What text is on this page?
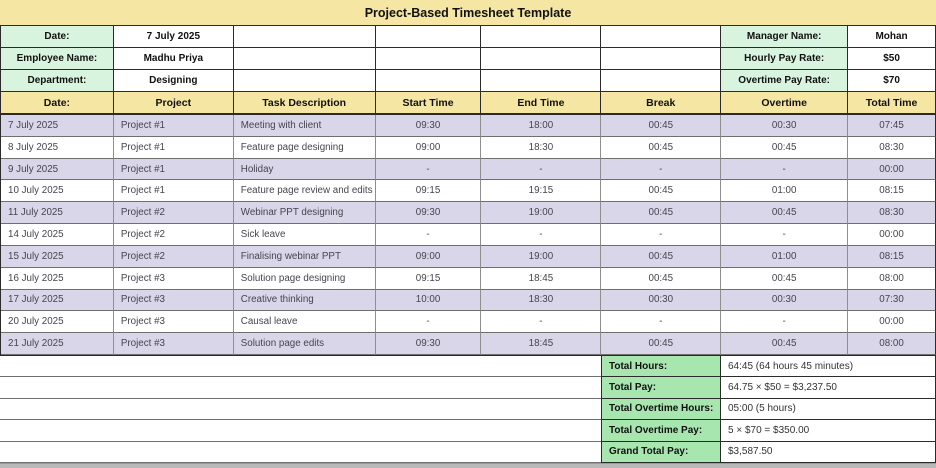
Project-Based Timesheet Template
Date:	7 July 2025	Manager Name:	Mohan
Employee Name:	Madhu Priya	Hourly Pay Rate:	$50
Department:	Designing	Overtime Pay Rate:	$70
Date:	Project	Task Description	Start Time	End Time	Break	Overtime	Total Time
7 July 2025	Project #1	Meeting with client	09:30	18:00	00:45	00:30	07:45
8 July 2025	Project #1	Feature page designing	09:00	18:30	00:45	00:45	08:30
9 July 2025	Project #1	Holiday	-	-	-	-	00:00
10 July 2025	Project #1	Feature page review and edits	09:15	19:15	00:45	01:00	08:15
11 July 2025	Project #2	Webinar PPT designing	09:30	19:00	00:45	00:45	08:30
14 July 2025	Project #2	Sick leave	-	-	-	-	00:00
15 July 2025	Project #2	Finalising webinar PPT	09:00	19:00	00:45	01:00	08:15
16 July 2025	Project #3	Solution page designing	09:15	18:45	00:45	00:45	08:00
17 July 2025	Project #3	Creative thinking	10:00	18:30	00:30	00:30	07:30
20 July 2025	Project #3	Causal leave	-	-	-	-	00:00
21 July 2025	Project #3	Solution page edits	09:30	18:45	00:45	00:45	08:00
Total Hours:	64:45 (64 hours 45 minutes)
Total Pay:	64.75 × $50 = $3,237.50
Total Overtime Hours:	05:00 (5 hours)
Total Overtime Pay:	5 × $70 = $350.00
Grand Total Pay:	$3,587.50
